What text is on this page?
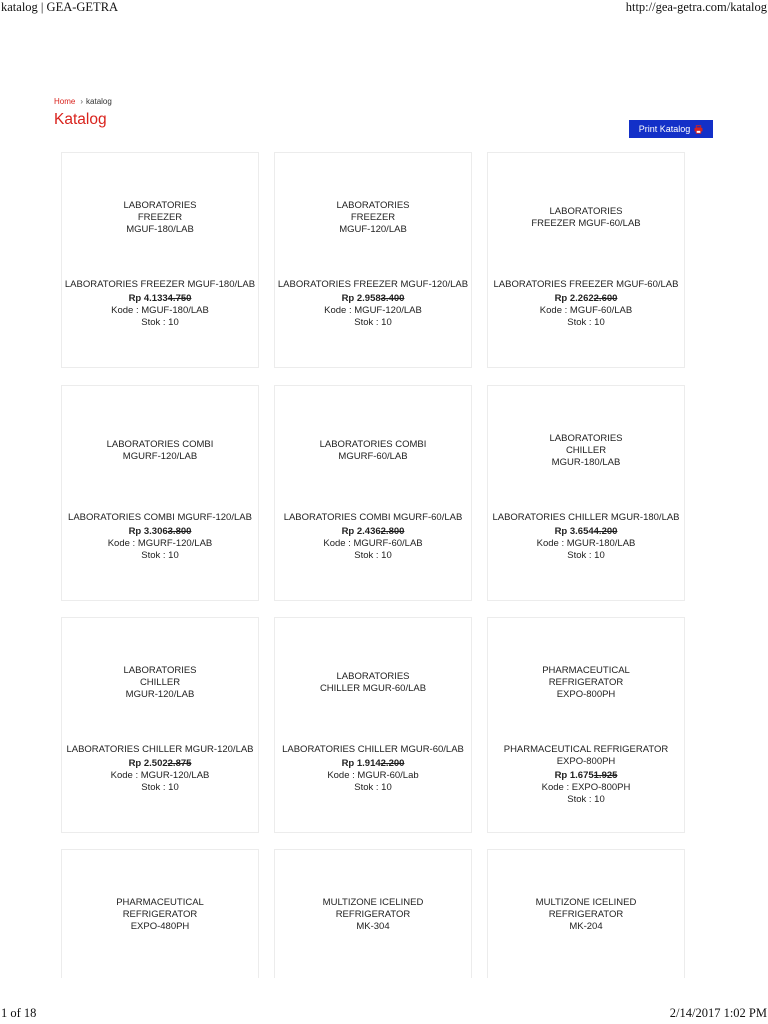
katalog | GEA-GETRA	http://gea-getra.com/katalog
Home › katalog
Katalog
Print Katalog
LABORATORIES
FREEZER
MGUF-180/LAB
LABORATORIES FREEZER MGUF-180/LAB
Rp 4.1334.750
Kode : MGUF-180/LAB
Stok : 10
LABORATORIES
FREEZER
MGUF-120/LAB
LABORATORIES FREEZER MGUF-120/LAB
Rp 2.9583.400
Kode : MGUF-120/LAB
Stok : 10
LABORATORIES
FREEZER MGUF-60/LAB
LABORATORIES FREEZER MGUF-60/LAB
Rp 2.2622.600
Kode : MGUF-60/LAB
Stok : 10
LABORATORIES COMBI
MGURF-120/LAB
LABORATORIES COMBI MGURF-120/LAB
Rp 3.3063.800
Kode : MGURF-120/LAB
Stok : 10
LABORATORIES COMBI
MGURF-60/LAB
LABORATORIES COMBI MGURF-60/LAB
Rp 2.4362.800
Kode : MGURF-60/LAB
Stok : 10
LABORATORIES
CHILLER
MGUR-180/LAB
LABORATORIES CHILLER MGUR-180/LAB
Rp 3.6544.200
Kode : MGUR-180/LAB
Stok : 10
LABORATORIES
CHILLER
MGUR-120/LAB
LABORATORIES CHILLER MGUR-120/LAB
Rp 2.5022.875
Kode : MGUR-120/LAB
Stok : 10
LABORATORIES
CHILLER MGUR-60/LAB
LABORATORIES CHILLER MGUR-60/LAB
Rp 1.9142.200
Kode : MGUR-60/Lab
Stok : 10
PHARMACEUTICAL
REFRIGERATOR
EXPO-800PH
PHARMACEUTICAL REFRIGERATOR EXPO-800PH
Rp 1.6751.925
Kode : EXPO-800PH
Stok : 10
PHARMACEUTICAL
REFRIGERATOR
EXPO-480PH
MULTIZONE ICELINED
REFRIGERATOR
MK-304
MULTIZONE ICELINED
REFRIGERATOR
MK-204
1 of 18	2/14/2017 1:02 PM
